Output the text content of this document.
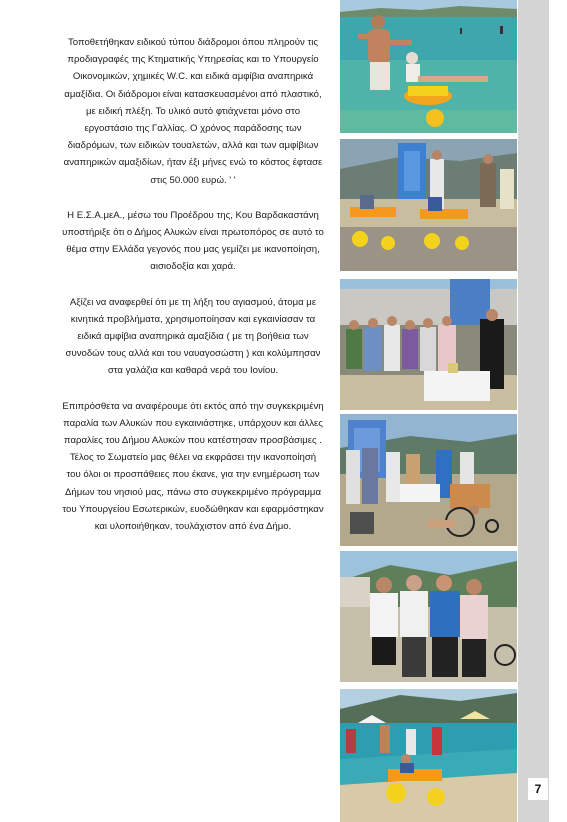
Τοποθετήθηκαν ειδικού τύπου διάδρομοι όπου πληρούν τις προδιαγραφές της Κτηματικής Υπηρεσίας και το Υπουργείο Οικονομικών, χημικές W.C. και ειδικά αμφίβια αναπηρικά αμαξίδια. Οι διάδρομοι είναι κατασκευασμένοι από πλαστικό, με ειδική πλέξη. Το υλικό αυτό φτιάχνεται μόνο στο εργοστάσιο της Γαλλίας. Ο χρόνος παράδοσης των διαδρόμων, των ειδικών τουαλετών, αλλά και των αμφίβιων αναπηρικών αμαξιδίων, ήταν έξι μήνες ενώ το κόστος έφτασε στις 50.000 ευρώ. ' '

Η Ε.Σ.Α.μεΑ., μέσω του Προέδρου της, Κου Βαρδακαστάνη υποστήριξε ότι ο Δήμος Αλυκών είναι πρωτοπόρος σε αυτό το θέμα στην Ελλάδα γεγονός που μας γεμίζει με ικανοποίηση, αισιοδοξία και χαρά.

Αξίζει να αναφερθεί ότι με τη λήξη του αγιασμού, άτομα με κινητικά προβλήματα, χρησιμοποίησαν και εγκαινίασαν τα ειδικά αμφίβια αναπηρικά αμαξίδια ( με τη βοήθεια των συνοδών τους αλλά και του ναυαγοσώστη ) και κολύμπησαν στα γαλάζια και καθαρά νερά του Ιονίου.

Επιπρόσθετα να αναφέρουμε ότι εκτός από την συγκεκριμένη παραλία των Αλυκών που εγκαινιάστηκε, υπάρχουν και άλλες παραλίες του Δήμου Αλυκών που κατέστησαν προσβάσιμες . Τέλος το Σωματείο μας θέλει να εκφράσει την ικανοποίησή του όλοι οι προσπάθειες που έκανε, για την ενημέρωση των Δήμων του νησιού μας, πάνω στο συγκεκριμένο πρόγραμμα του Υπουργείου Εσωτερικών, ευοδώθηκαν και εφαρμόστηκαν και υλοποιήθηκαν, τουλάχιστον από ένα Δήμο.

7
